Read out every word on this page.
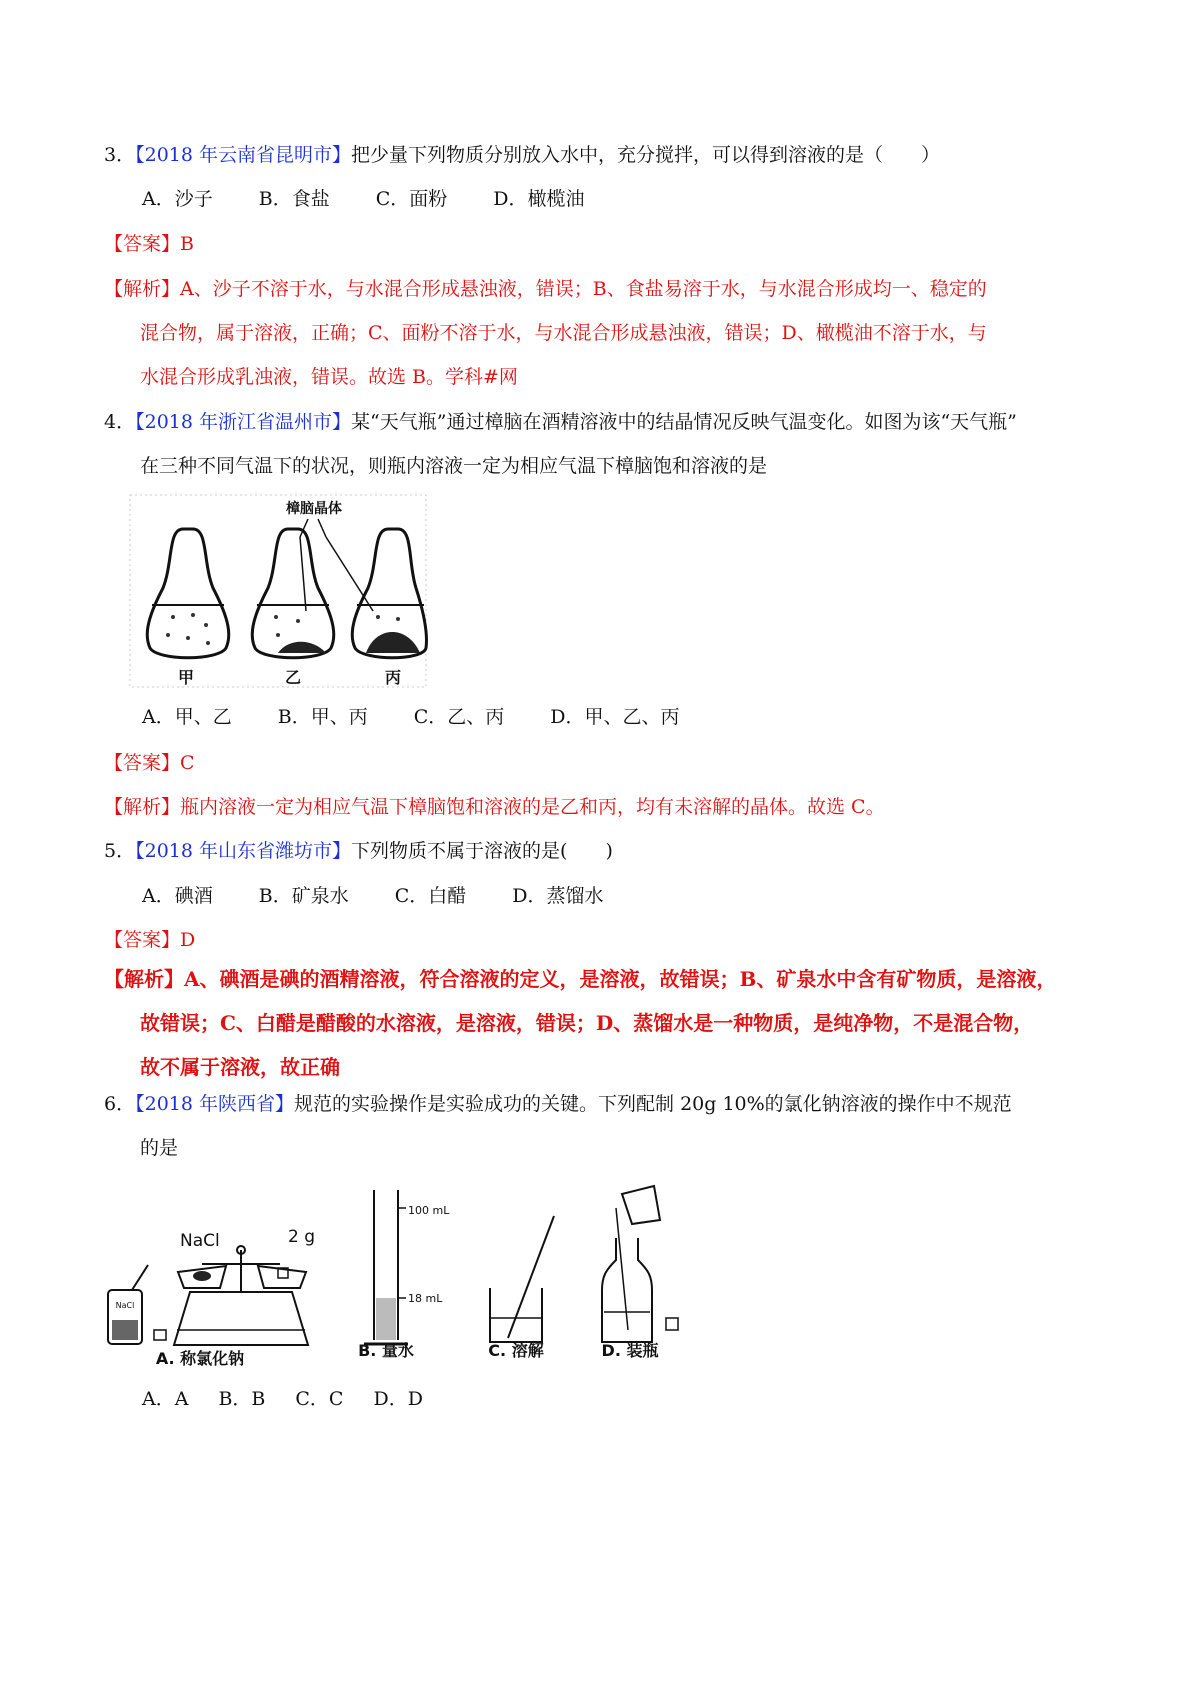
3．【2018 年云南省昆明市】把少量下列物质分别放入水中，充分搅拌，可以得到溶液的是（　　）
A．沙子 B．食盐 C．面粉 D．橄榄油
【答案】B
【解析】A、沙子不溶于水，与水混合形成悬浊液，错误；B、食盐易溶于水，与水混合形成均一、稳定的
混合物，属于溶液，正确；C、面粉不溶于水，与水混合形成悬浊液，错误；D、橄榄油不溶于水，与
水混合形成乳浊液，错误。故选 B。学科#网
4．【2018 年浙江省温州市】某“天气瓶”通过樟脑在酒精溶液中的结晶情况反映气温变化。如图为该“天气瓶”
在三种不同气温下的状况，则瓶内溶液一定为相应气温下樟脑饱和溶液的是
樟脑晶体
甲	乙	丙
A．甲、乙 B．甲、丙 C．乙、丙 D．甲、乙、丙
【答案】C
【解析】瓶内溶液一定为相应气温下樟脑饱和溶液的是乙和丙，均有未溶解的晶体。故选 C。
5．【2018 年山东省潍坊市】下列物质不属于溶液的是(　　)
A．碘酒 B．矿泉水 C．白醋 D．蒸馏水
【答案】D
【解析】A、碘酒是碘的酒精溶液，符合溶液的定义，是溶液，故错误；B、矿泉水中含有矿物质，是溶液，
故错误；C、白醋是醋酸的水溶液，是溶液，错误；D、蒸馏水是一种物质，是纯净物，不是混合物，
故不属于溶液，故正确
6．【2018 年陕西省】规范的实验操作是实验成功的关键。下列配制 20g 10%的氯化钠溶液的操作中不规范
的是
NaCl
NaCl	2 g
A. 称氯化钠
100 mL
18 mL
B. 量水	C. 溶解	D. 装瓶
A．A B．B C．C D．D
